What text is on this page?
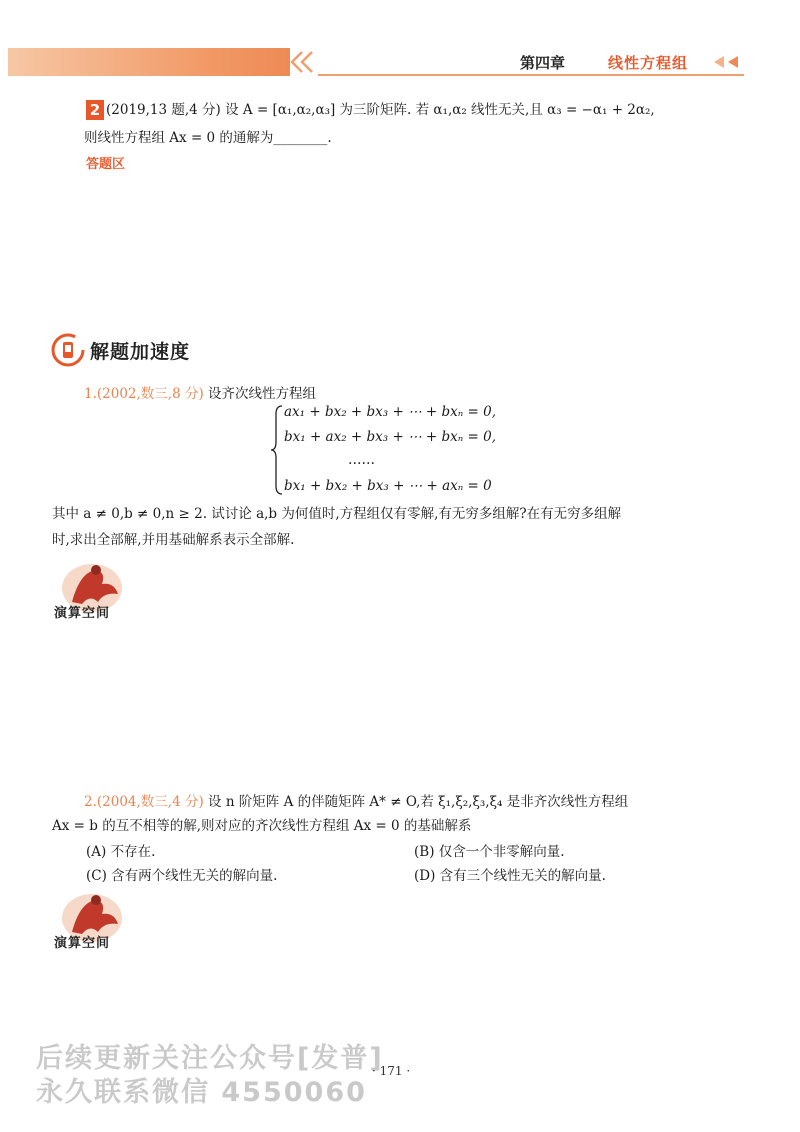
第四章	线性方程组
2 (2019,13 题,4 分) 设 A = [α₁,α₂,α₃] 为三阶矩阵. 若 α₁,α₂ 线性无关,且 α₃ = −α₁ + 2α₂,
则线性方程组 Ax = 0 的通解为________.
答题区
解题加速度
1.(2002,数三,8 分) 设齐次线性方程组
ax₁ + bx₂ + bx₃ + ⋯ + bxₙ = 0,
bx₁ + ax₂ + bx₃ + ⋯ + bxₙ = 0,
……
bx₁ + bx₂ + bx₃ + ⋯ + axₙ = 0
其中 a ≠ 0,b ≠ 0,n ≥ 2. 试讨论 a,b 为何值时,方程组仅有零解,有无穷多组解?在有无穷多组解
时,求出全部解,并用基础解系表示全部解.
演算空间
2.(2004,数三,4 分) 设 n 阶矩阵 A 的伴随矩阵 A* ≠ O,若 ξ₁,ξ₂,ξ₃,ξ₄ 是非齐次线性方程组
Ax = b 的互不相等的解,则对应的齐次线性方程组 Ax = 0 的基础解系
(A) 不存在.	(B) 仅含一个非零解向量.
(C) 含有两个线性无关的解向量.	(D) 含有三个线性无关的解向量.
演算空间
后续更新关注公众号[发普]
永久联系微信 4550060
· 171 ·
